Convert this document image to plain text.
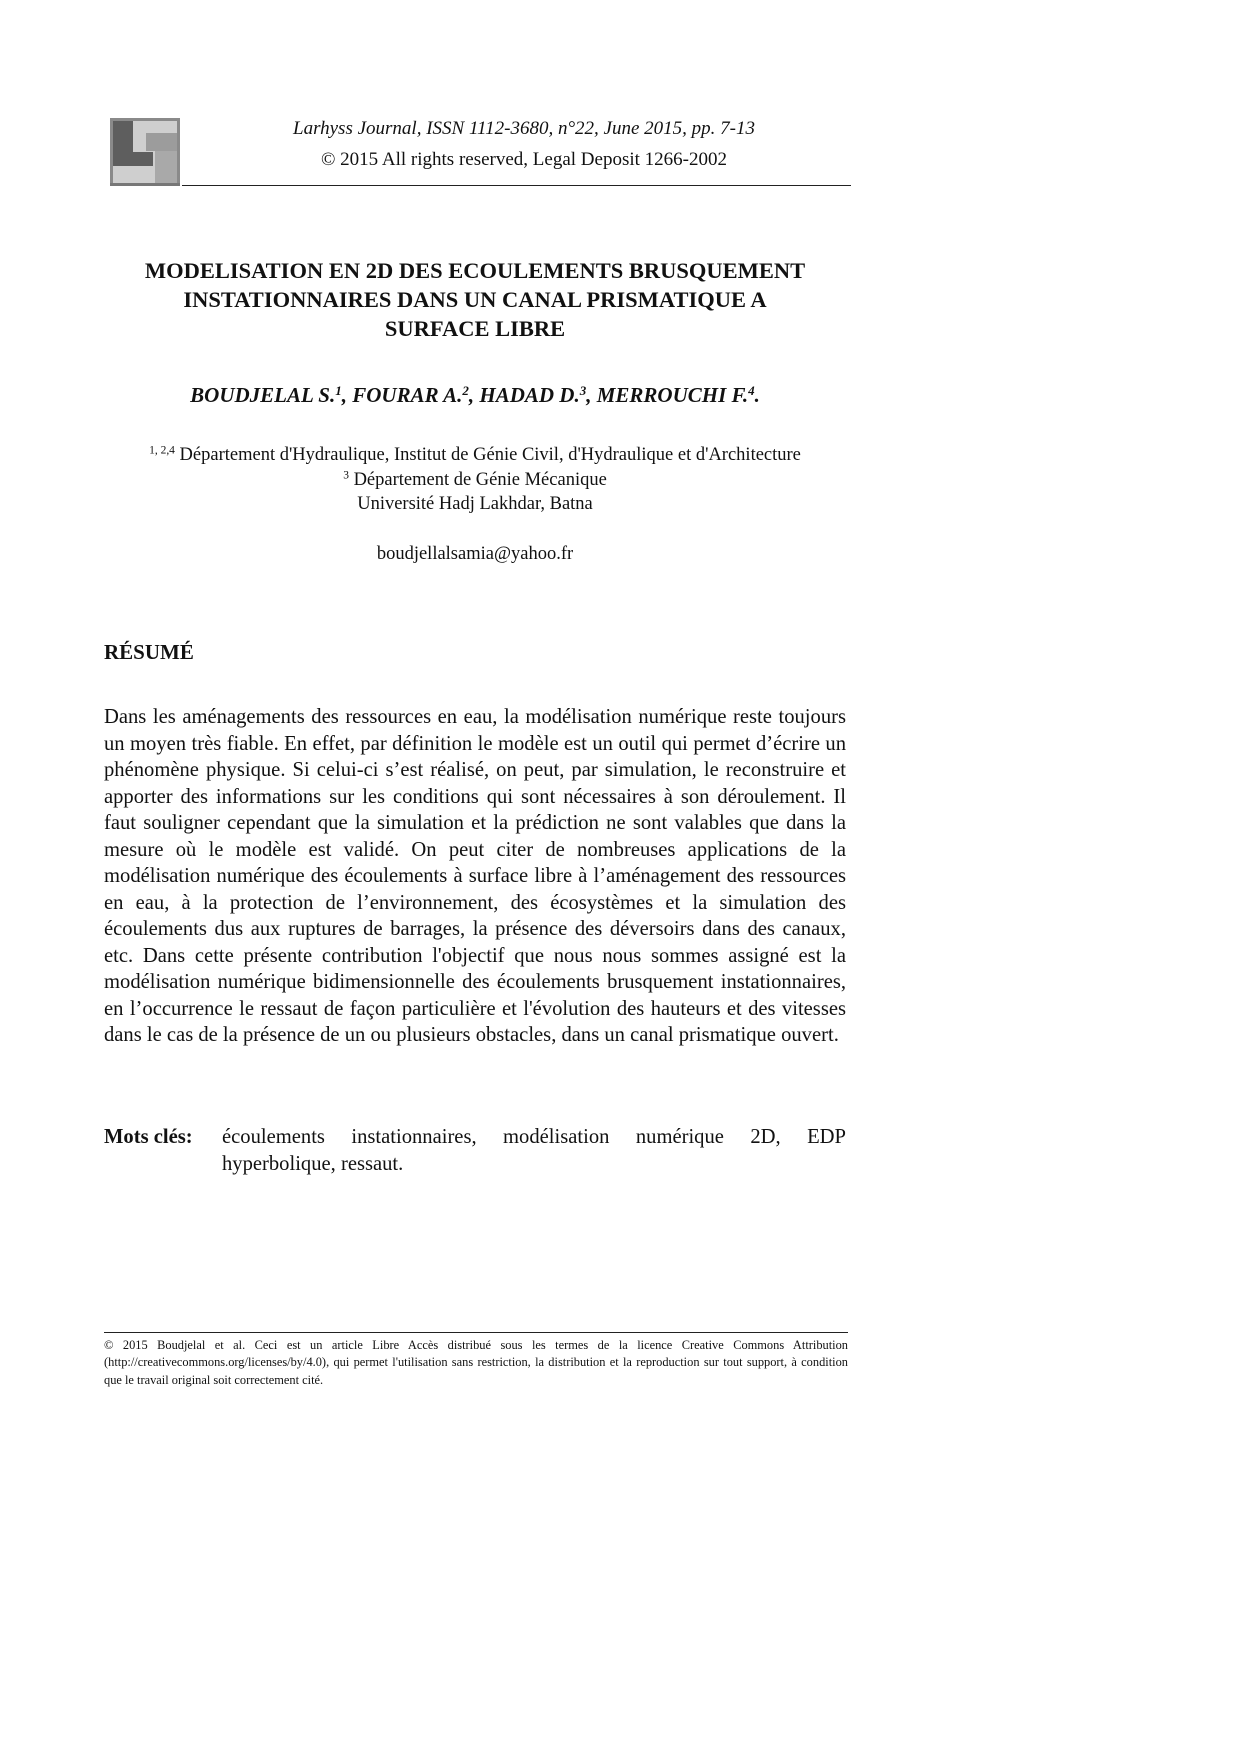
Larhyss Journal, ISSN 1112-3680, n°22, June 2015, pp. 7-13
© 2015 All rights reserved, Legal Deposit 1266-2002
MODELISATION EN 2D DES ECOULEMENTS BRUSQUEMENT
INSTATIONNAIRES DANS UN CANAL PRISMATIQUE A
SURFACE LIBRE
BOUDJELAL S.$^1$, FOURAR A.$^2$, HADAD D.$^3$, MERROUCHI F.$^4$.
$^{1, 2,4}$ Département d'Hydraulique, Institut de Génie Civil, d'Hydraulique et d'Architecture
$^3$ Département de Génie Mécanique
Université Hadj Lakhdar, Batna
boudjellalsamia@yahoo.fr
RÉSUMÉ

Dans les aménagements des ressources en eau, la modélisation numérique reste toujours un moyen très fiable. En effet, par définition le modèle est un outil qui permet d’écrire un phénomène physique. Si celui-ci s’est réalisé, on peut, par simulation, le reconstruire et apporter des informations sur les conditions qui sont nécessaires à son déroulement. Il faut souligner cependant que la simulation et la prédiction ne sont valables que dans la mesure où le modèle est validé. On peut citer de nombreuses applications de la modélisation numérique des écoulements à surface libre à l’aménagement des ressources en eau, à la protection de l’environnement, des écosystèmes et la simulation des écoulements dus aux ruptures de barrages, la présence des déversoirs dans des canaux, etc. Dans cette présente contribution l'objectif que nous nous sommes assigné est la modélisation numérique bidimensionnelle des écoulements brusquement instationnaires, en l’occurrence le ressaut de façon particulière et l'évolution des hauteurs et des vitesses dans le cas de la présence de un ou plusieurs obstacles, dans un canal prismatique ouvert.

Mots clés: écoulements instationnaires, modélisation numérique 2D, EDP hyperbolique, ressaut.
© 2015 Boudjelal et al. Ceci est un article Libre Accès distribué sous les termes de la licence Creative Commons Attribution (http://creativecommons.org/licenses/by/4.0), qui permet l'utilisation sans restriction, la distribution et la reproduction sur tout support, à condition que le travail original soit correctement cité.
